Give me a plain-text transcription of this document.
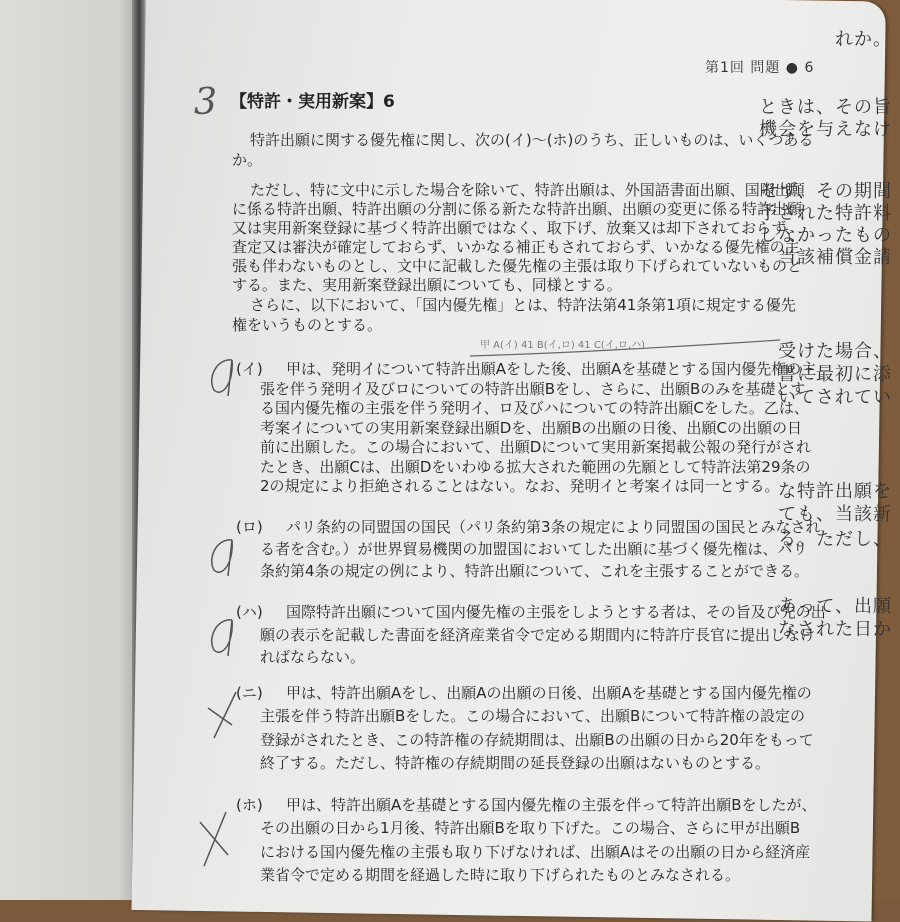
第1回 問題 ● 6
【特許・実用新案】6
れか。
ときは、その旨
機会を与えなけ
せず、その期間
予された特許料
しなかったもの
当該補償金請
受けた場合、
書に最初に添
いてされてい
な特許出願を
ても、当該新
る。ただし、
あって、出願
なされた日か
特許出願に関する優先権に関し、次の(イ)～(ホ)のうち、正しいものは、いくつある
か。
ただし、特に文中に示した場合を除いて、特許出願は、外国語書面出願、国際出願
に係る特許出願、特許出願の分割に係る新たな特許出願、出願の変更に係る特許出願
又は実用新案登録に基づく特許出願ではなく、取下げ、放棄又は却下されておらず、
査定又は審決が確定しておらず、いかなる補正もされておらず、いかなる優先権の主
張も伴わないものとし、文中に記載した優先権の主張は取り下げられていないものと
する。また、実用新案登録出願についても、同様とする。
さらに、以下において、「国内優先権」とは、特許法第41条第1項に規定する優先
権をいうものとする。
(イ) 甲は、発明イについて特許出願Aをした後、出願Aを基礎とする国内優先権の主
張を伴う発明イ及びロについての特許出願Bをし、さらに、出願Bのみを基礎とす
る国内優先権の主張を伴う発明イ、ロ及びハについての特許出願Cをした。乙は、
考案イについての実用新案登録出願Dを、出願Bの出願の日後、出願Cの出願の日
前に出願した。この場合において、出願Dについて実用新案掲載公報の発行がされ
たとき、出願Cは、出願Dをいわゆる拡大された範囲の先願として特許法第29条の
2の規定により拒絶されることはない。なお、発明イと考案イは同一とする。
(ロ) パリ条約の同盟国の国民（パリ条約第3条の規定により同盟国の国民とみなされ
る者を含む。）が世界貿易機関の加盟国においてした出願に基づく優先権は、パリ
条約第4条の規定の例により、特許出願について、これを主張することができる。
(ハ) 国際特許出願について国内優先権の主張をしようとする者は、その旨及び先の出
願の表示を記載した書面を経済産業省令で定める期間内に特許庁長官に提出しなけ
ればならない。
(ニ) 甲は、特許出願Aをし、出願Aの出願の日後、出願Aを基礎とする国内優先権の
主張を伴う特許出願Bをした。この場合において、出願Bについて特許権の設定の
登録がされたとき、この特許権の存続期間は、出願Bの出願の日から20年をもって
終了する。ただし、特許権の存続期間の延長登録の出願はないものとする。
(ホ) 甲は、特許出願Aを基礎とする国内優先権の主張を伴って特許出願Bをしたが、
その出願の日から1月後、特許出願Bを取り下げた。この場合、さらに甲が出願B
における国内優先権の主張も取り下げなければ、出願Aはその出願の日から経済産
業省令で定める期間を経過した時に取り下げられたものとみなされる。
3
甲 A(イ) 41 B(イ,ロ) 41 C(イ,ロ,ハ)
